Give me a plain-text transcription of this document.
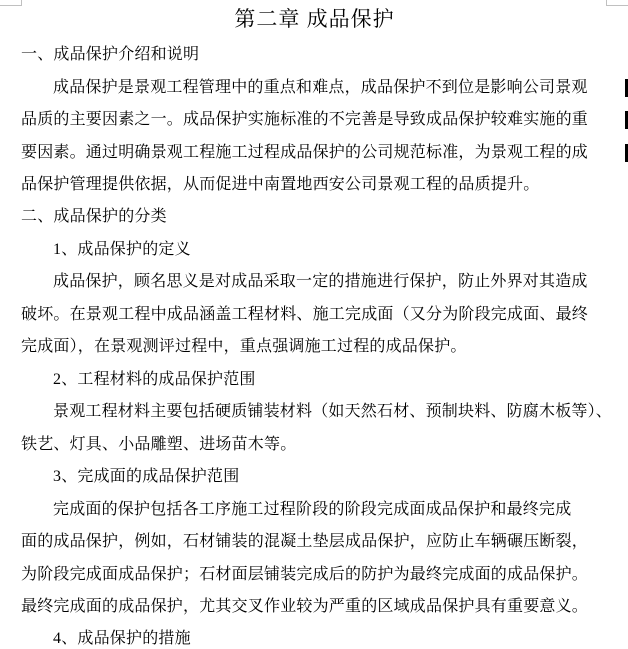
第二章 成品保护
一、成品保护介绍和说明
成品保护是景观工程管理中的重点和难点，成品保护不到位是影响公司景观
品质的主要因素之一。成品保护实施标准的不完善是导致成品保护较难实施的重
要因素。通过明确景观工程施工过程成品保护的公司规范标准，为景观工程的成
品保护管理提供依据，从而促进中南置地西安公司景观工程的品质提升。
二、成品保护的分类
1、成品保护的定义
成品保护，顾名思义是对成品采取一定的措施进行保护，防止外界对其造成
破坏。在景观工程中成品涵盖工程材料、施工完成面（又分为阶段完成面、最终
完成面），在景观测评过程中，重点强调施工过程的成品保护。
2、工程材料的成品保护范围
景观工程材料主要包括硬质铺装材料（如天然石材、预制块料、防腐木板等）、
铁艺、灯具、小品雕塑、进场苗木等。
3、完成面的成品保护范围
完成面的保护包括各工序施工过程阶段的阶段完成面成品保护和最终完成
面的成品保护，例如，石材铺装的混凝土垫层成品保护，应防止车辆碾压断裂，
为阶段完成面成品保护；石材面层铺装完成后的防护为最终完成面的成品保护。
最终完成面的成品保护，尤其交叉作业较为严重的区域成品保护具有重要意义。
4、成品保护的措施
